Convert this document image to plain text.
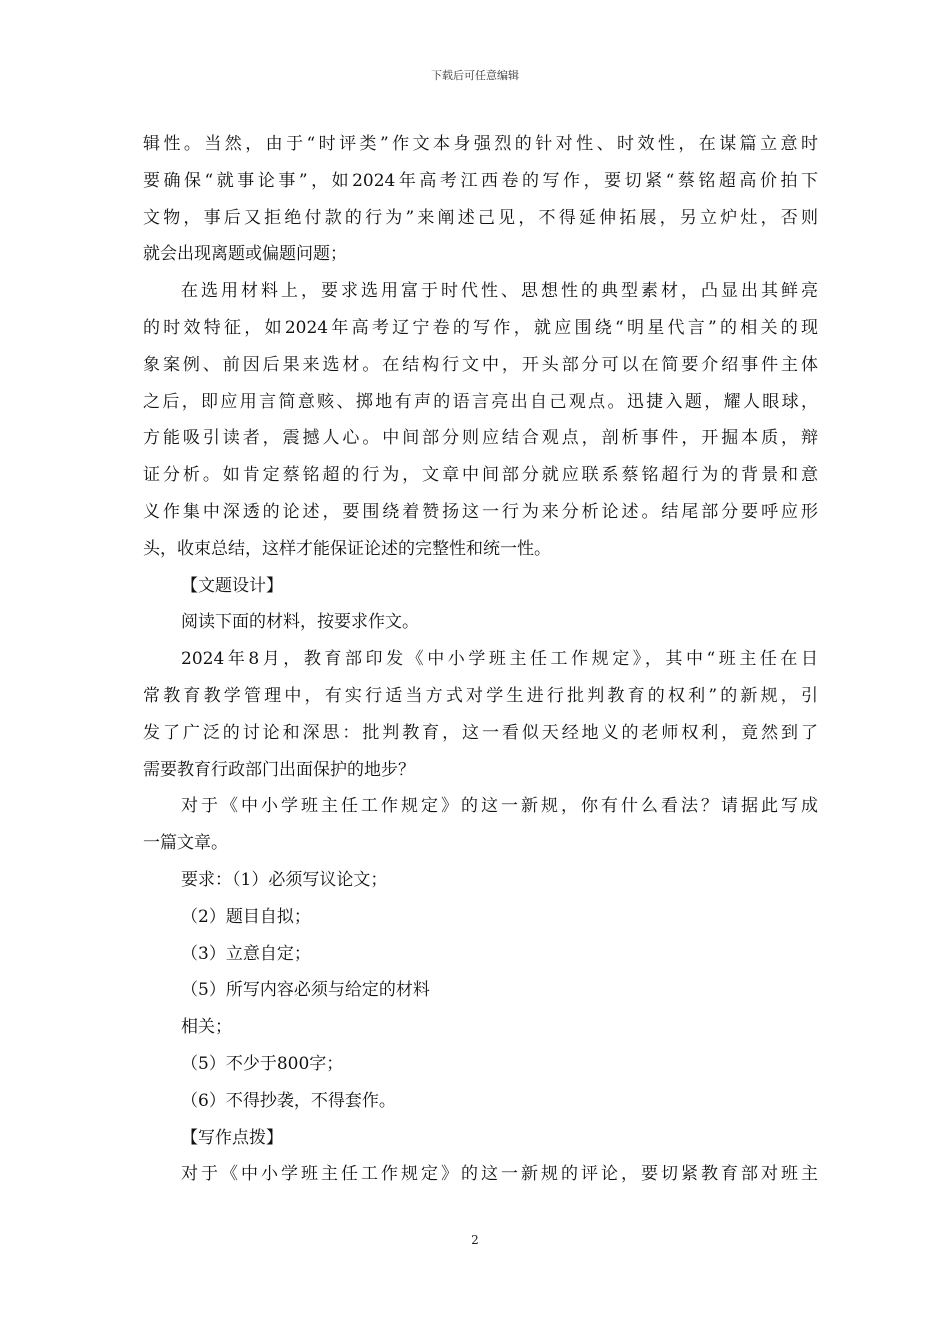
下载后可任意编辑
辑性。当然，由于“时评类”作文本身强烈的针对性、时效性，在谋篇立意时
要确保“就事论事”，如2024年高考江西卷的写作，要切紧“蔡铭超高价拍下
文物，事后又拒绝付款的行为”来阐述己见，不得延伸拓展，另立炉灶，否则
就会出现离题或偏题问题；
在选用材料上，要求选用富于时代性、思想性的典型素材，凸显出其鲜亮
的时效特征，如2024年高考辽宁卷的写作，就应围绕“明星代言”的相关的现
象案例、前因后果来选材。在结构行文中，开头部分可以在简要介绍事件主体
之后，即应用言简意赅、掷地有声的语言亮出自己观点。迅捷入题，耀人眼球，
方能吸引读者，震撼人心。中间部分则应结合观点，剖析事件，开掘本质，辩
证分析。如肯定蔡铭超的行为，文章中间部分就应联系蔡铭超行为的背景和意
义作集中深透的论述，要围绕着赞扬这一行为来分析论述。结尾部分要呼应形
头，收束总结，这样才能保证论述的完整性和统一性。
【文题设计】
阅读下面的材料，按要求作文。
2024年8月，教育部印发《中小学班主任工作规定》，其中“班主任在日
常教育教学管理中，有实行适当方式对学生进行批判教育的权利”的新规，引
发了广泛的讨论和深思：批判教育，这一看似天经地义的老师权利，竟然到了
需要教育行政部门出面保护的地步？
对于《中小学班主任工作规定》的这一新规，你有什么看法？请据此写成
一篇文章。
要求：（1）必须写议论文；
（2）题目自拟；
（3）立意自定；
（5）所写内容必须与给定的材料
相关；
（5）不少于800字；
（6）不得抄袭，不得套作。
【写作点拨】
对于《中小学班主任工作规定》的这一新规的评论，要切紧教育部对班主
2
